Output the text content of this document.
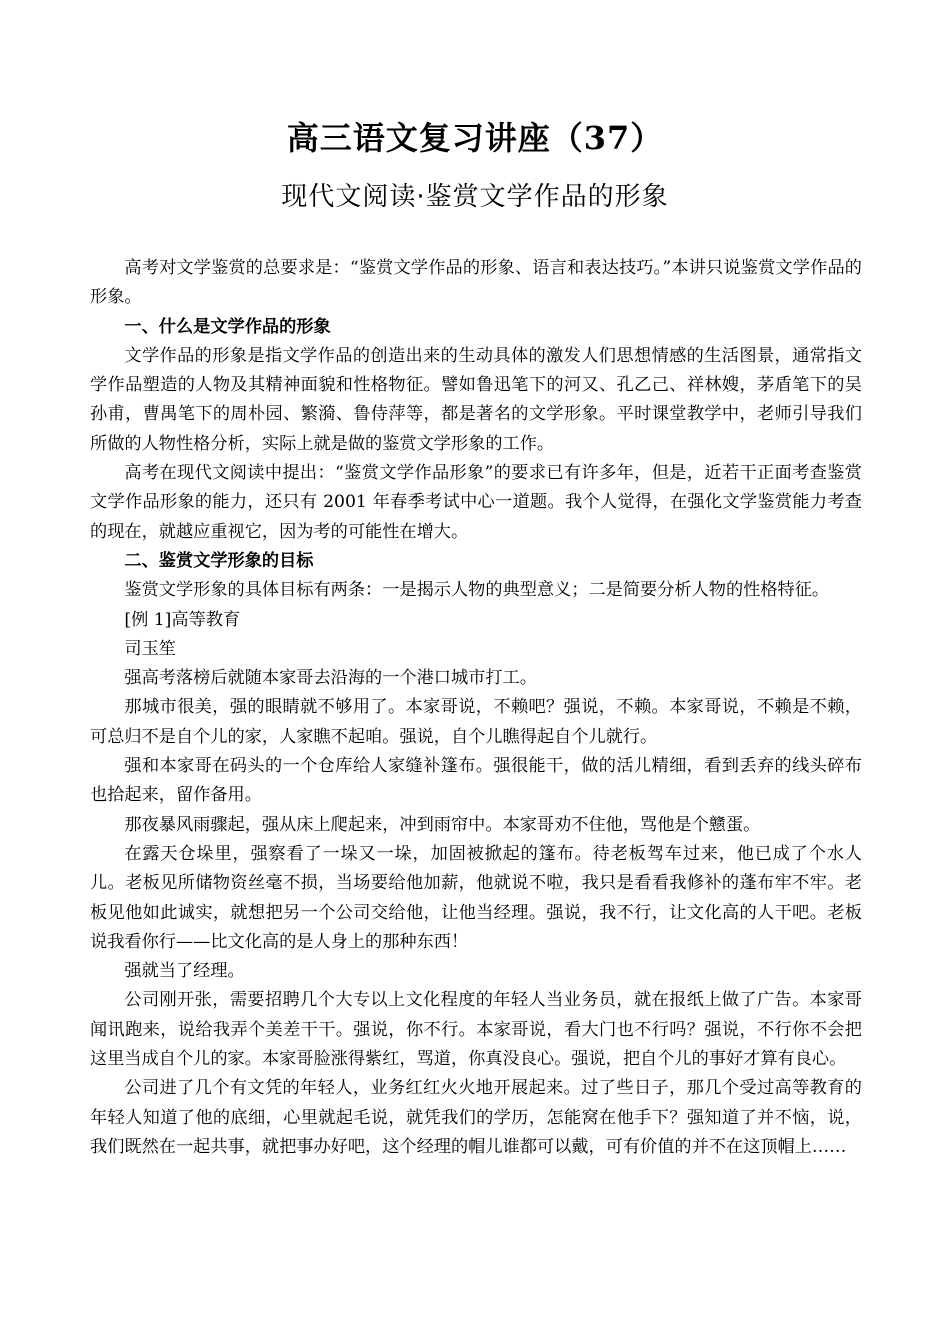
高三语文复习讲座（37）
现代文阅读·鉴赏文学作品的形象

高考对文学鉴赏的总要求是：“鉴赏文学作品的形象、语言和表达技巧。”本讲只说鉴赏文学作品的形象。

一、什么是文学作品的形象

文学作品的形象是指文学作品的创造出来的生动具体的激发人们思想情感的生活图景，通常指文学作品塑造的人物及其精神面貌和性格物征。譬如鲁迅笔下的河又、孔乙己、祥林嫂，茅盾笔下的吴孙甫，曹禺笔下的周朴园、繁漪、鲁侍萍等，都是著名的文学形象。平时课堂教学中，老师引导我们所做的人物性格分析，实际上就是做的鉴赏文学形象的工作。

高考在现代文阅读中提出：“鉴赏文学作品形象”的要求已有许多年，但是，近若干正面考查鉴赏文学作品形象的能力，还只有 2001 年春季考试中心一道题。我个人觉得，在强化文学鉴赏能力考查的现在，就越应重视它，因为考的可能性在增大。

二、鉴赏文学形象的目标

鉴赏文学形象的具体目标有两条：一是揭示人物的典型意义；二是简要分析人物的性格特征。

[例 1]高等教育

司玉笙

强高考落榜后就随本家哥去沿海的一个港口城市打工。

那城市很美，强的眼睛就不够用了。本家哥说，不赖吧？强说，不赖。本家哥说，不赖是不赖，可总归不是自个儿的家，人家瞧不起咱。强说，自个儿瞧得起自个儿就行。

强和本家哥在码头的一个仓库给人家缝补篷布。强很能干，做的活儿精细，看到丢弃的线头碎布也拾起来，留作备用。

那夜暴风雨骤起，强从床上爬起来，冲到雨帘中。本家哥劝不住他，骂他是个戆蛋。

在露天仓垛里，强察看了一垛又一垛，加固被掀起的篷布。待老板驾车过来，他已成了个水人儿。老板见所储物资丝毫不损，当场要给他加薪，他就说不啦，我只是看看我修补的蓬布牢不牢。老板见他如此诚实，就想把另一个公司交给他，让他当经理。强说，我不行，让文化高的人干吧。老板说我看你行——比文化高的是人身上的那种东西！

强就当了经理。

公司刚开张，需要招聘几个大专以上文化程度的年轻人当业务员，就在报纸上做了广告。本家哥闻讯跑来，说给我弄个美差干干。强说，你不行。本家哥说，看大门也不行吗？强说，不行你不会把这里当成自个儿的家。本家哥脸涨得紫红，骂道，你真没良心。强说，把自个儿的事好才算有良心。

公司进了几个有文凭的年轻人，业务红红火火地开展起来。过了些日子，那几个受过高等教育的年轻人知道了他的底细，心里就起毛说，就凭我们的学历，怎能窝在他手下？强知道了并不恼，说，我们既然在一起共事，就把事办好吧，这个经理的帽儿谁都可以戴，可有价值的并不在这顶帽上……
